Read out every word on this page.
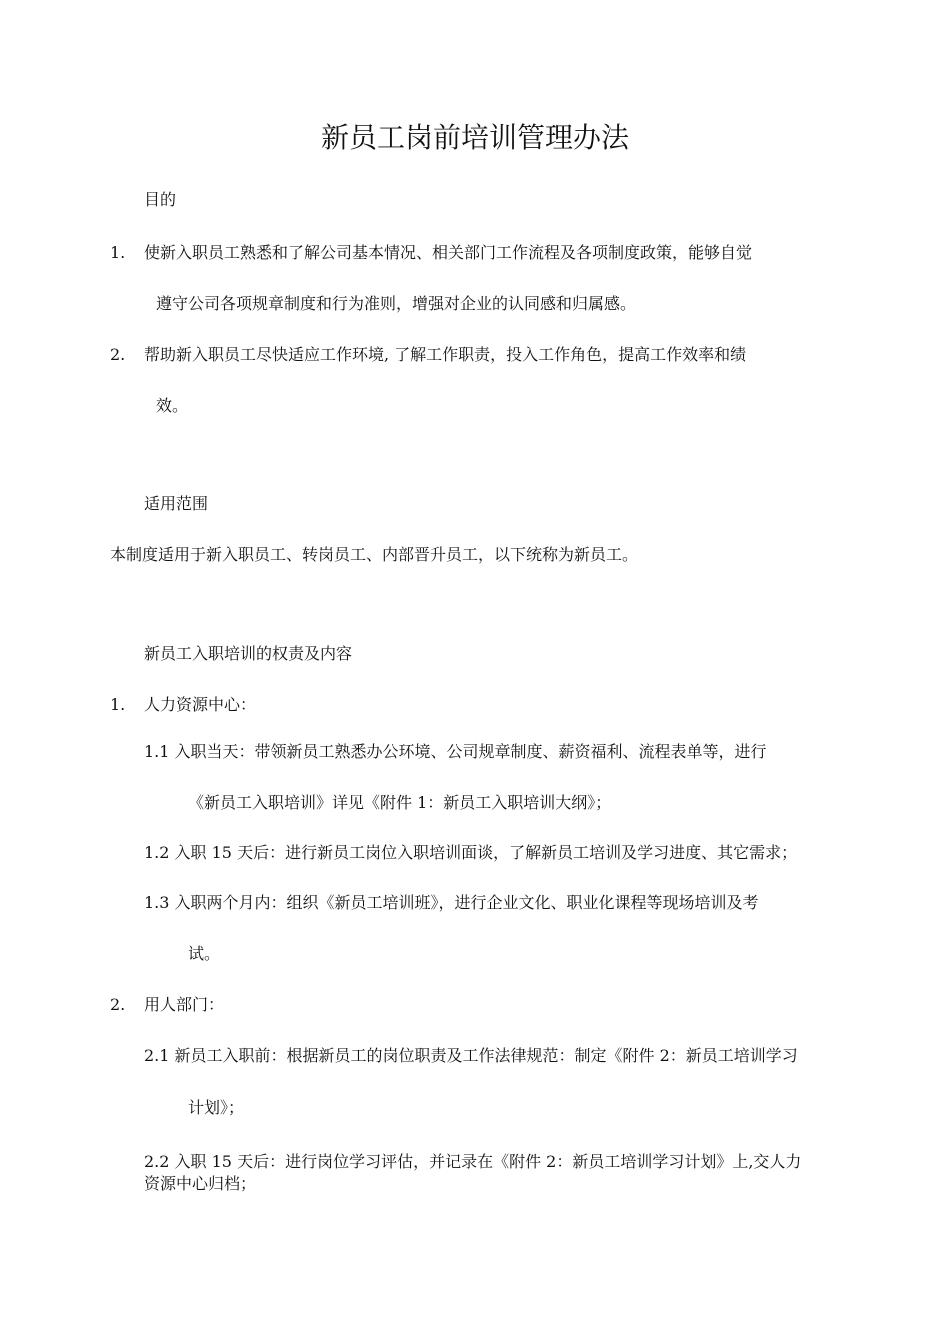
新员工岗前培训管理办法

目的

1. 使新入职员工熟悉和了解公司基本情况、相关部门工作流程及各项制度政策，能够自觉

遵守公司各项规章制度和行为准则，增强对企业的认同感和归属感。

2. 帮助新入职员工尽快适应工作环境, 了解工作职责，投入工作角色，提高工作效率和绩

效。

适用范围

本制度适用于新入职员工、转岗员工、内部晋升员工，以下统称为新员工。

新员工入职培训的权责及内容

1. 人力资源中心：

1.1 入职当天：带领新员工熟悉办公环境、公司规章制度、薪资福利、流程表单等，进行

《新员工入职培训》详见《附件 1：新员工入职培训大纲》；

1.2 入职 15 天后：进行新员工岗位入职培训面谈，了解新员工培训及学习进度、其它需求；

1.3 入职两个月内：组织《新员工培训班》，进行企业文化、职业化课程等现场培训及考

试。

2. 用人部门：

2.1 新员工入职前：根据新员工的岗位职责及工作法律规范：制定《附件 2：新员工培训学习

计划》；

2.2 入职 15 天后：进行岗位学习评估，并记录在《附件 2：新员工培训学习计划》上,交人力

资源中心归档；
